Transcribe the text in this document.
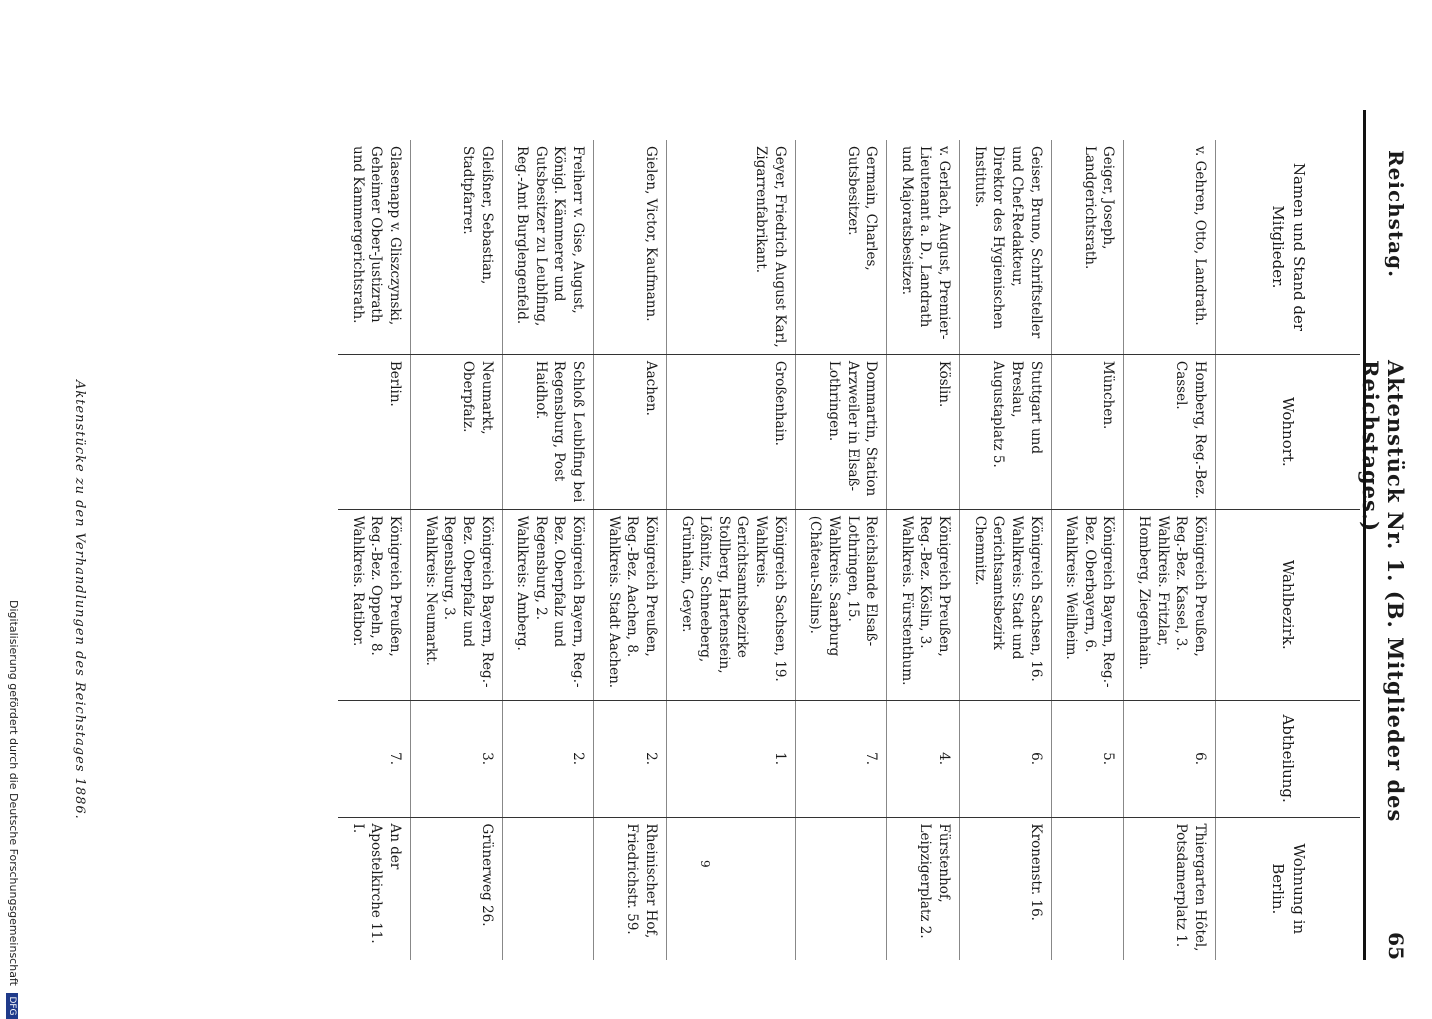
Reichstag.
Aktenstück Nr. 1. (B. Mitglieder des Reichstages.)
65
Namen und Stand der Mitglieder.	Wohnort.	Wahlbezirk.	Abtheilung.	Wohnung in Berlin.
v. Gehren, Otto, Landrath.	Homberg, Reg.-Bez. Cassel.	Königreich Preußen, Reg.-Bez. Kassel, 3. Wahlkreis. Fritzlar, Homberg, Ziegenhain.	6.	Thiergarten Hôtel, Potsdamerplatz 1.
Geiger, Joseph, Landgerichtsrath.	München.	Königreich Bayern, Reg.-Bez. Oberbayern, 6. Wahlkreis: Weilheim.	5.	
Geiser, Bruno, Schriftsteller und Chef-Redakteur, Direktor des Hygienischen Instituts.	Stuttgart und Breslau, Augustaplatz 5.	Königreich Sachsen, 16. Wahlkreis: Stadt und Gerichtsamtsbezirk Chemnitz.	6.	Kronenstr. 16.
v. Gerlach, August, Premier-Lieutenant a. D., Landrath und Majoratsbesitzer.	Köslin.	Königreich Preußen, Reg.-Bez. Köslin, 3. Wahlkreis. Fürstenthum.	4.	Fürstenhof, Leipzigerplatz 2.
Germain, Charles, Gutsbesitzer.	Dommartin, Station Arzweiler in Elsaß-Lothringen.	Reichslande Elsaß-Lothringen, 15. Wahlkreis. Saarburg (Château-Salins).	7.	
Geyer, Friedrich August Karl, Zigarrenfabrikant.	Großenhain.	Königreich Sachsen, 19. Wahlkreis. Gerichtsamtsbezirke Stollberg, Hartenstein, Lößnitz, Schneeberg, Grünhain, Geyer.	1.	
Gielen, Victor, Kaufmann.	Aachen.	Königreich Preußen, Reg.-Bez. Aachen, 8. Wahlkreis. Stadt Aachen.	2.	Rheinischer Hof, Friedrichstr. 59.
Freiherr v. Gise, August, Königl. Kämmerer und Gutsbesitzer zu Leublfing, Reg.-Amt Burglengenfeld.	Schloß Leublfing bei Regensburg, Post Haidhof.	Königreich Bayern, Reg.-Bez. Oberpfalz und Regensburg, 2. Wahlkreis: Amberg.	2.	
Gleißner, Sebastian, Stadtpfarrer.	Neumarkt, Oberpfalz.	Königreich Bayern, Reg.-Bez. Oberpfalz und Regensburg, 3. Wahlkreis: Neumarkt.	3.	Grünerweg 26.
Glasenapp v. Gliszczynski, Geheimer Ober-Justizrath und Kammergerichtsrath.	Berlin.	Königreich Preußen, Reg.-Bez. Oppeln, 8. Wahlkreis. Ratibor.	7.	An der Apostelkirche 11. I.
9
Aktenstücke zu den Verhandlungen des Reichstages 1886.
Digitalisierung gefördert durch die Deutsche Forschungsgemeinschaft DFG
